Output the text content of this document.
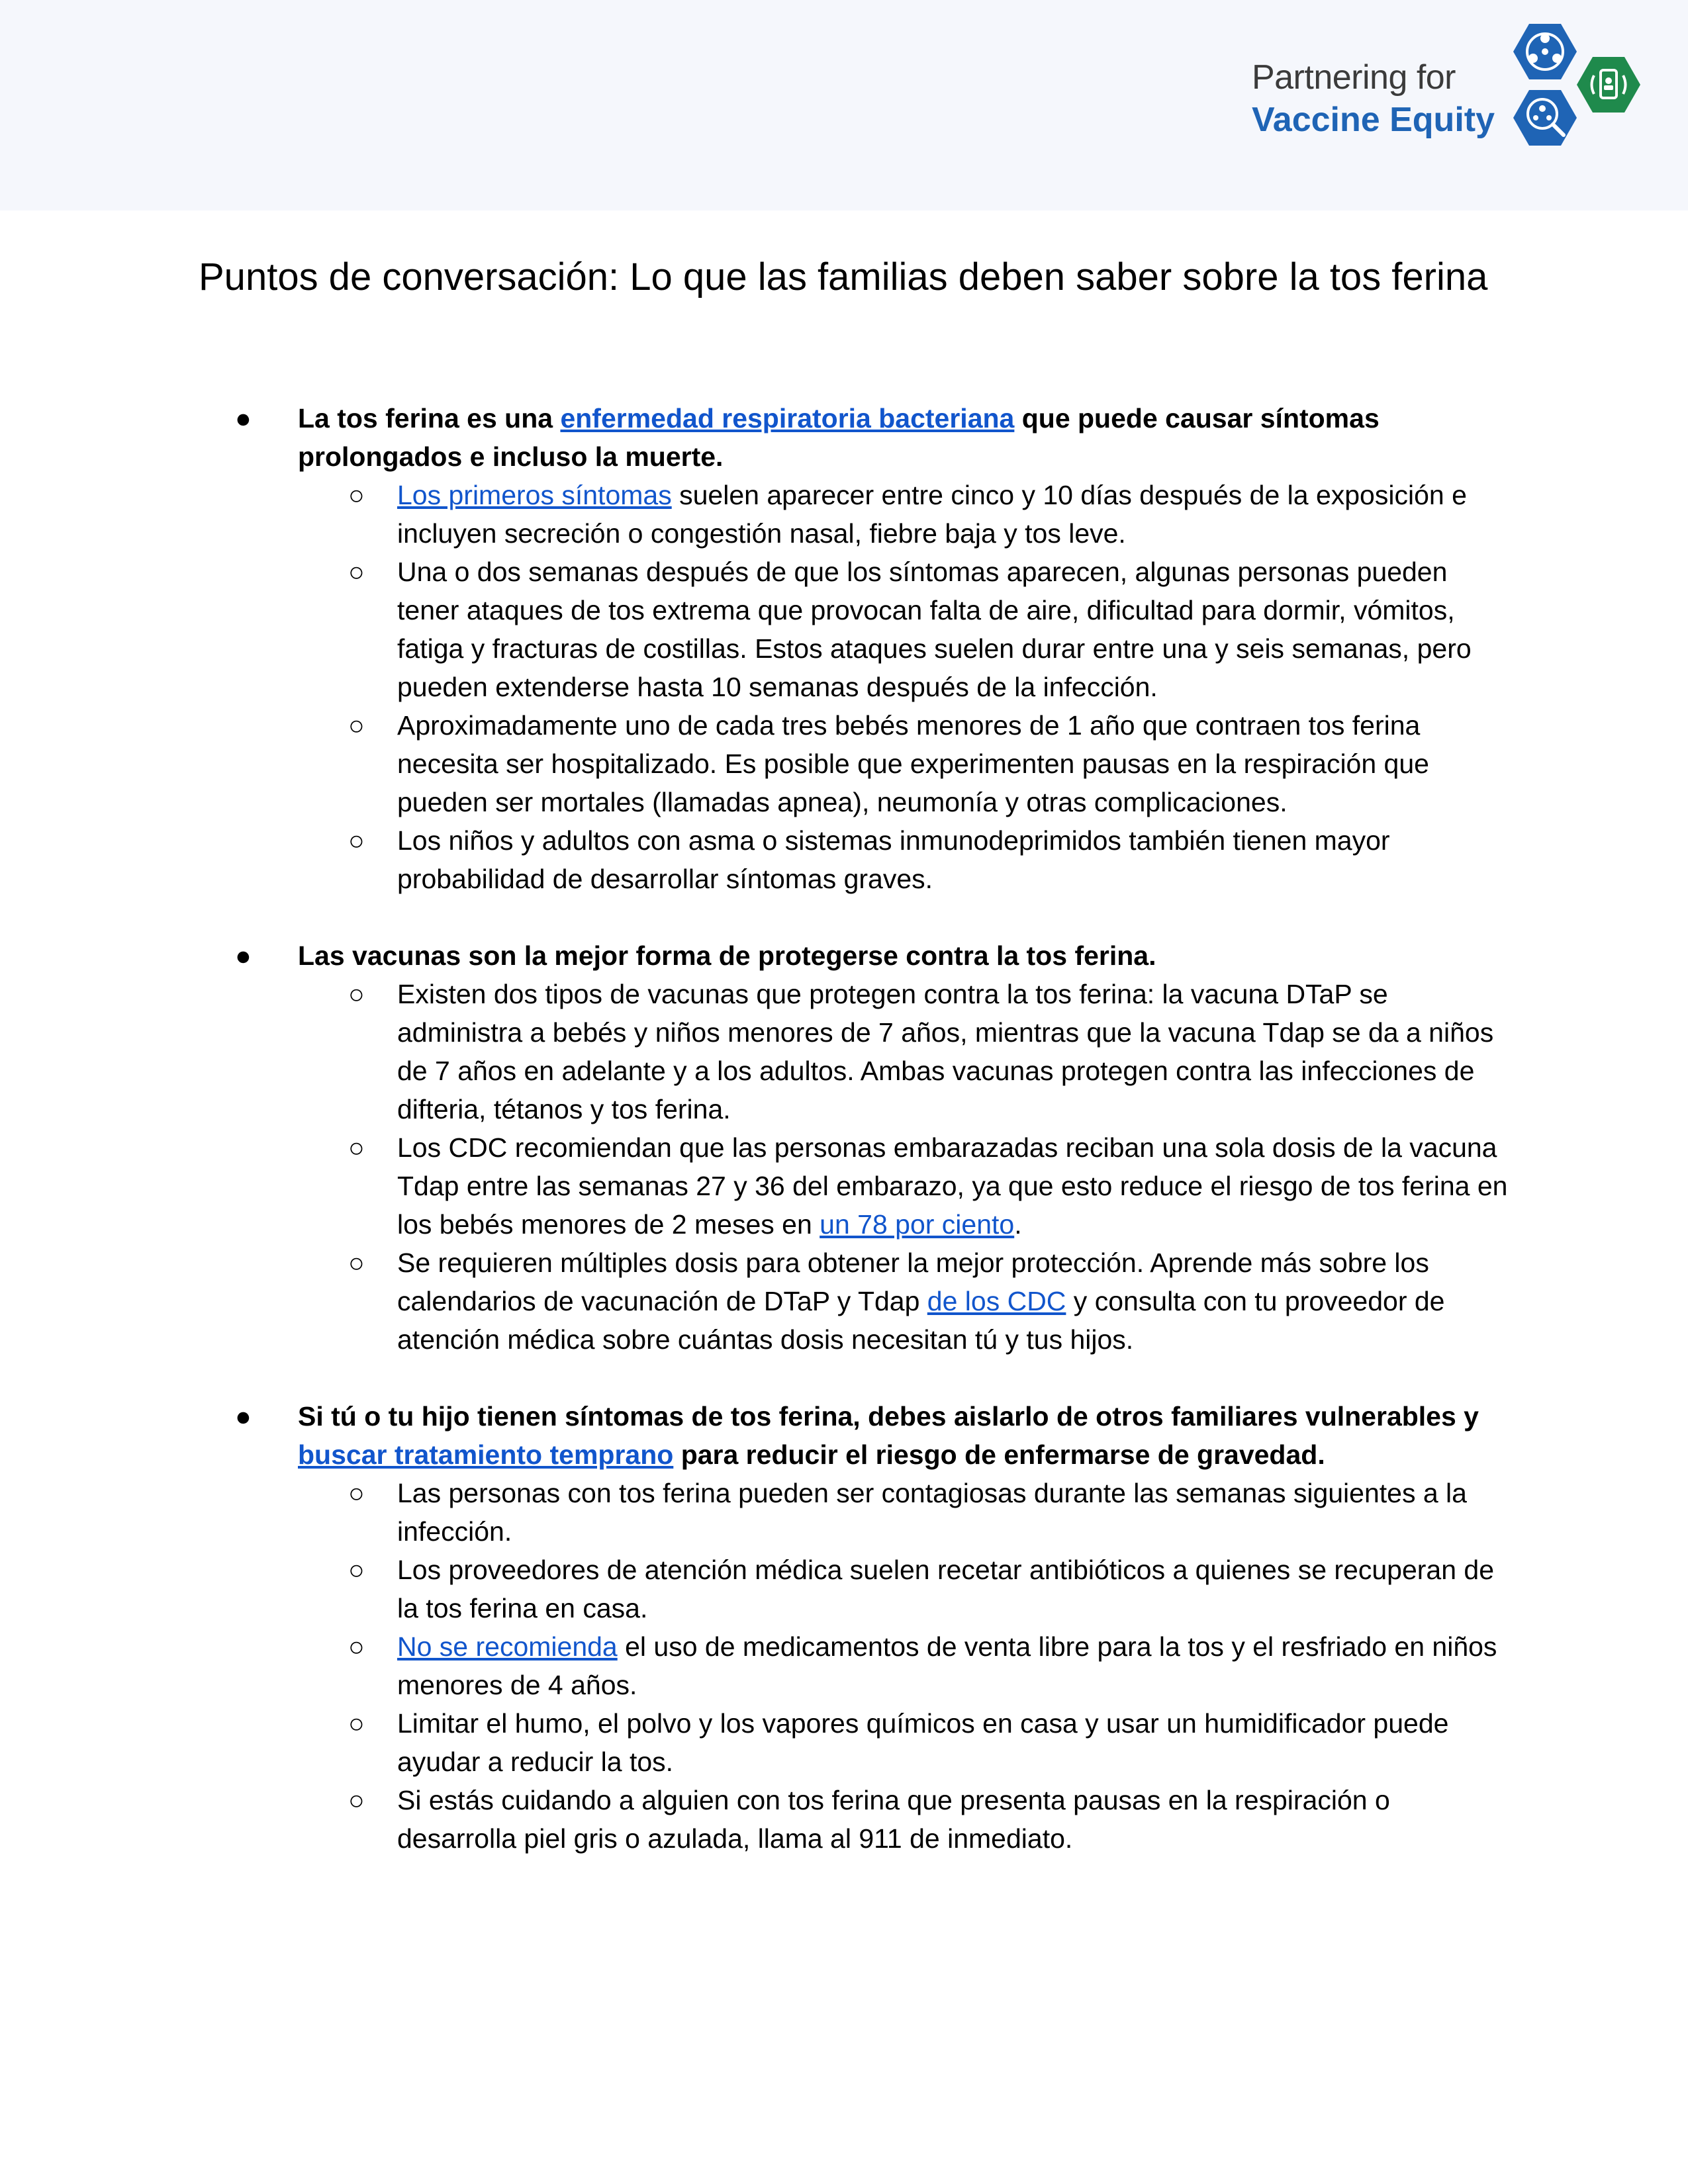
Partnering for
Vaccine Equity
Puntos de conversación: Lo que las familias deben saber sobre la tos ferina
● La tos ferina es una enfermedad respiratoria bacteriana que puede causar síntomas prolongados e incluso la muerte.
○ Los primeros síntomas suelen aparecer entre cinco y 10 días después de la exposición e incluyen secreción o congestión nasal, fiebre baja y tos leve.
○ Una o dos semanas después de que los síntomas aparecen, algunas personas pueden tener ataques de tos extrema que provocan falta de aire, dificultad para dormir, vómitos, fatiga y fracturas de costillas. Estos ataques suelen durar entre una y seis semanas, pero pueden extenderse hasta 10 semanas después de la infección.
○ Aproximadamente uno de cada tres bebés menores de 1 año que contraen tos ferina necesita ser hospitalizado. Es posible que experimenten pausas en la respiración que pueden ser mortales (llamadas apnea), neumonía y otras complicaciones.
○ Los niños y adultos con asma o sistemas inmunodeprimidos también tienen mayor probabilidad de desarrollar síntomas graves.
● Las vacunas son la mejor forma de protegerse contra la tos ferina.
○ Existen dos tipos de vacunas que protegen contra la tos ferina: la vacuna DTaP se administra a bebés y niños menores de 7 años, mientras que la vacuna Tdap se da a niños de 7 años en adelante y a los adultos. Ambas vacunas protegen contra las infecciones de difteria, tétanos y tos ferina.
○ Los CDC recomiendan que las personas embarazadas reciban una sola dosis de la vacuna Tdap entre las semanas 27 y 36 del embarazo, ya que esto reduce el riesgo de tos ferina en los bebés menores de 2 meses en un 78 por ciento.
○ Se requieren múltiples dosis para obtener la mejor protección. Aprende más sobre los calendarios de vacunación de DTaP y Tdap de los CDC y consulta con tu proveedor de atención médica sobre cuántas dosis necesitan tú y tus hijos.
● Si tú o tu hijo tienen síntomas de tos ferina, debes aislarlo de otros familiares vulnerables y buscar tratamiento temprano para reducir el riesgo de enfermarse de gravedad.
○ Las personas con tos ferina pueden ser contagiosas durante las semanas siguientes a la infección.
○ Los proveedores de atención médica suelen recetar antibióticos a quienes se recuperan de la tos ferina en casa.
○ No se recomienda el uso de medicamentos de venta libre para la tos y el resfriado en niños menores de 4 años.
○ Limitar el humo, el polvo y los vapores químicos en casa y usar un humidificador puede ayudar a reducir la tos.
○ Si estás cuidando a alguien con tos ferina que presenta pausas en la respiración o desarrolla piel gris o azulada, llama al 911 de inmediato.
